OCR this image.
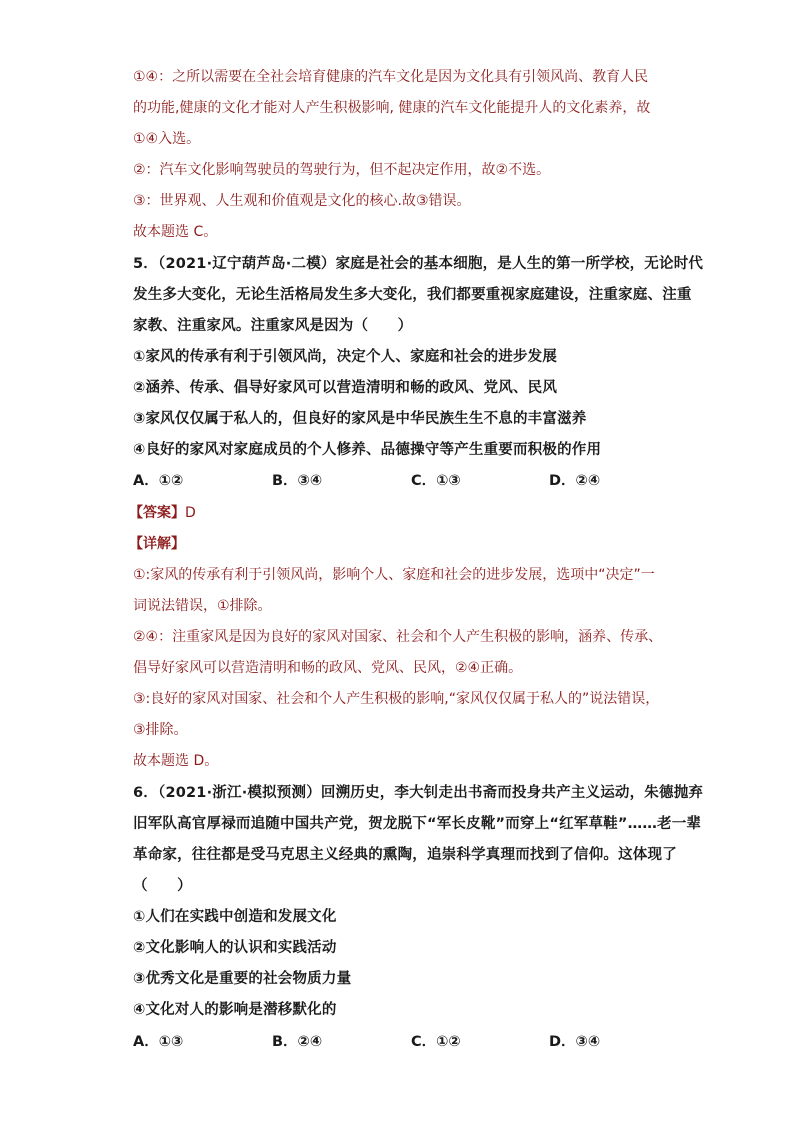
①④：之所以需要在全社会培育健康的汽车文化是因为文化具有引领风尚、教育人民
的功能,健康的文化才能对人产生积极影响, 健康的汽车文化能提升人的文化素养，故
①④入选。
②：汽车文化影响驾驶员的驾驶行为，但不起决定作用，故②不选。
③：世界观、人生观和价值观是文化的核心.故③错误。
故本题选 C。
5．（2021·辽宁葫芦岛·二模）家庭是社会的基本细胞，是人生的第一所学校，无论时代
发生多大变化，无论生活格局发生多大变化，我们都要重视家庭建设，注重家庭、注重
家教、注重家风。注重家风是因为（　　）
①家风的传承有利于引领风尚，决定个人、家庭和社会的进步发展
②涵养、传承、倡导好家风可以营造清明和畅的政风、党风、民风
③家风仅仅属于私人的，但良好的家风是中华民族生生不息的丰富滋养
④良好的家风对家庭成员的个人修养、品德操守等产生重要而积极的作用
A．①②	B．③④	C．①③	D．②④
【答案】D
【详解】
①:家风的传承有利于引领风尚，影响个人、家庭和社会的进步发展，选项中“决定”一
词说法错误，①排除。
②④：注重家风是因为良好的家风对国家、社会和个人产生积极的影响，涵养、传承、
倡导好家风可以营造清明和畅的政风、党风、民风，②④正确。
③:良好的家风对国家、社会和个人产生积极的影响,“家风仅仅属于私人的”说法错误，
③排除。
故本题选 D。
6．（2021·浙江·模拟预测）回溯历史，李大钊走出书斋而投身共产主义运动，朱德抛弃
旧军队高官厚禄而追随中国共产党，贺龙脱下“军长皮靴”而穿上“红军草鞋”……老一辈
革命家，往往都是受马克思主义经典的熏陶，追崇科学真理而找到了信仰。这体现了
（　　）
①人们在实践中创造和发展文化
②文化影响人的认识和实践活动
③优秀文化是重要的社会物质力量
④文化对人的影响是潜移默化的
A．①③	B．②④	C．①②	D．③④
